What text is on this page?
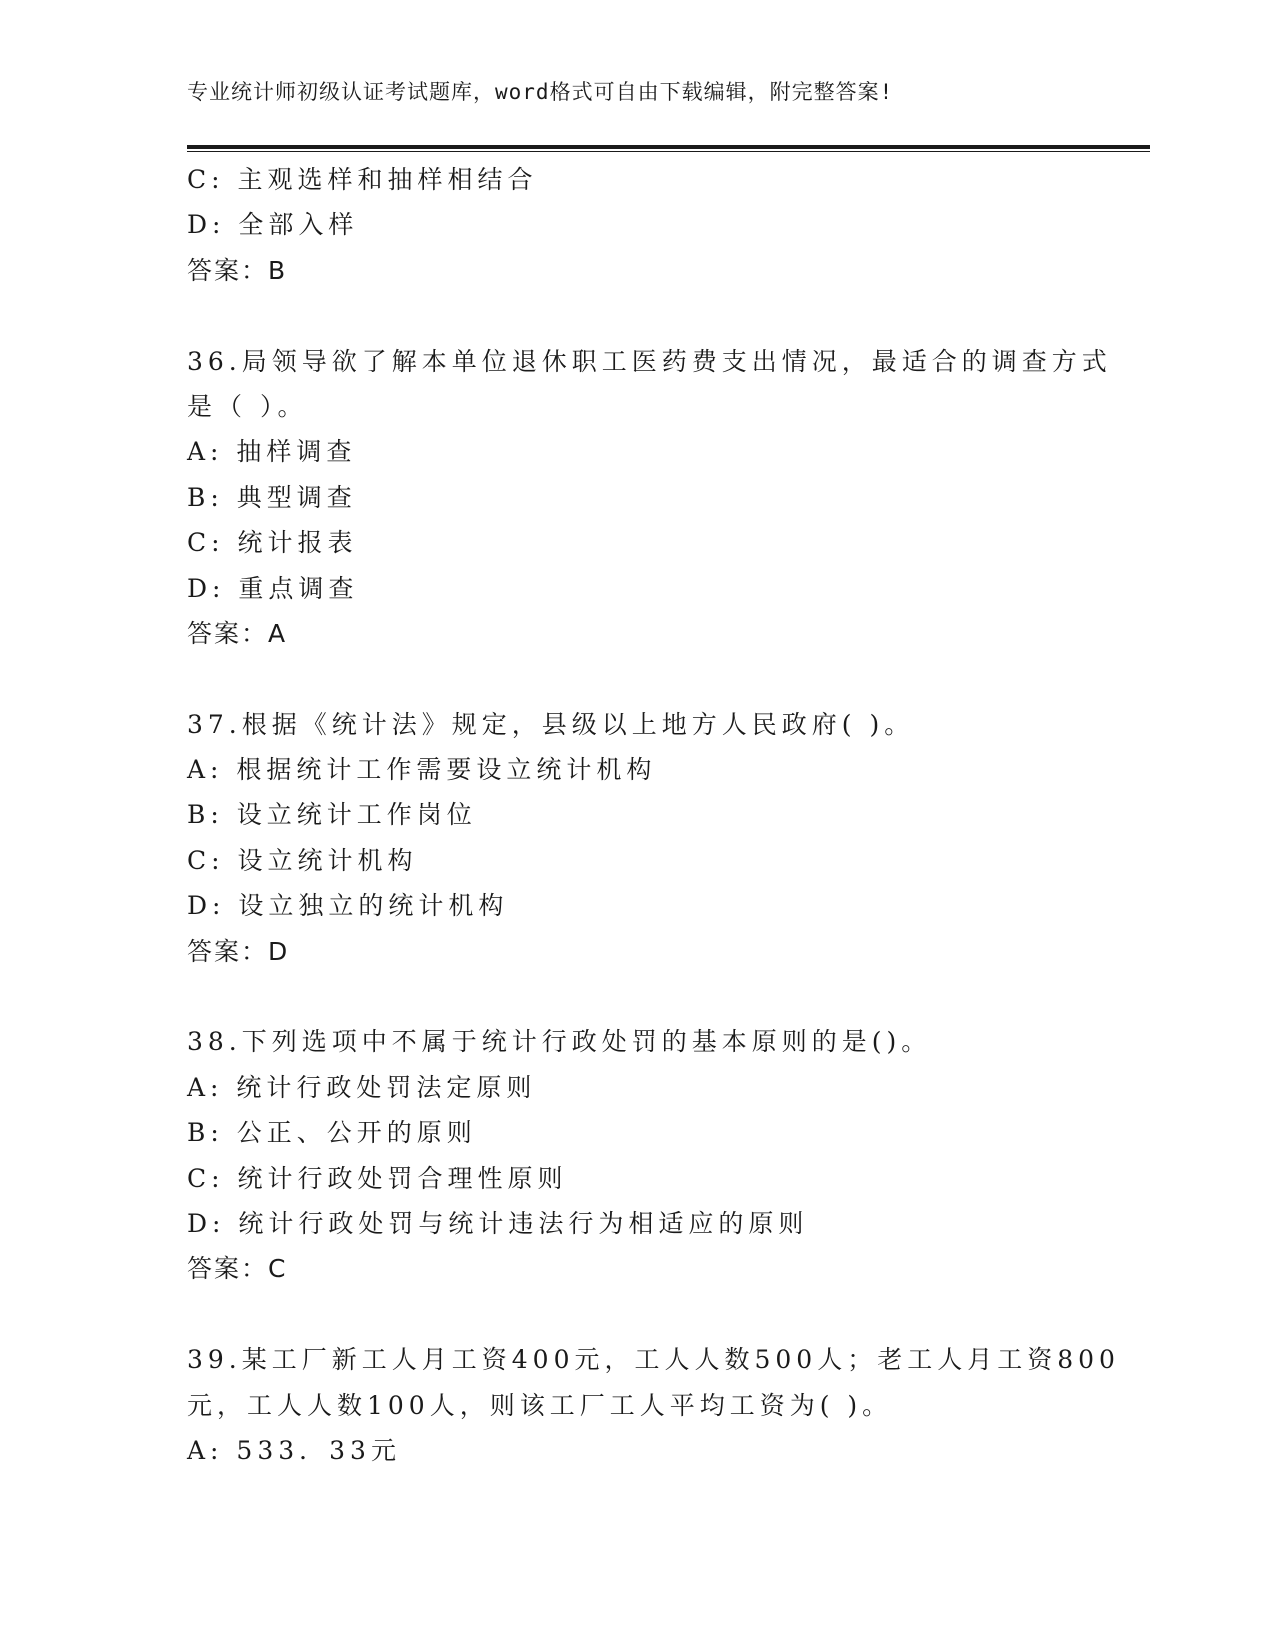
专业统计师初级认证考试题库，word格式可自由下载编辑，附完整答案!
C: 主观选样和抽样相结合
D: 全部入样
答案：B
36.局领导欲了解本单位退休职工医药费支出情况，最适合的调查方式
是（ ）。
A: 抽样调查
B: 典型调查
C: 统计报表
D: 重点调查
答案：A
37.根据《统计法》规定，县级以上地方人民政府( )。
A: 根据统计工作需要设立统计机构
B: 设立统计工作岗位
C: 设立统计机构
D: 设立独立的统计机构
答案：D
38.下列选项中不属于统计行政处罚的基本原则的是()。
A: 统计行政处罚法定原则
B: 公正、公开的原则
C: 统计行政处罚合理性原则
D: 统计行政处罚与统计违法行为相适应的原则
答案：C
39.某工厂新工人月工资400元，工人人数500人；老工人月工资800
元，工人人数100人，则该工厂工人平均工资为( )。
A: 533．33元
